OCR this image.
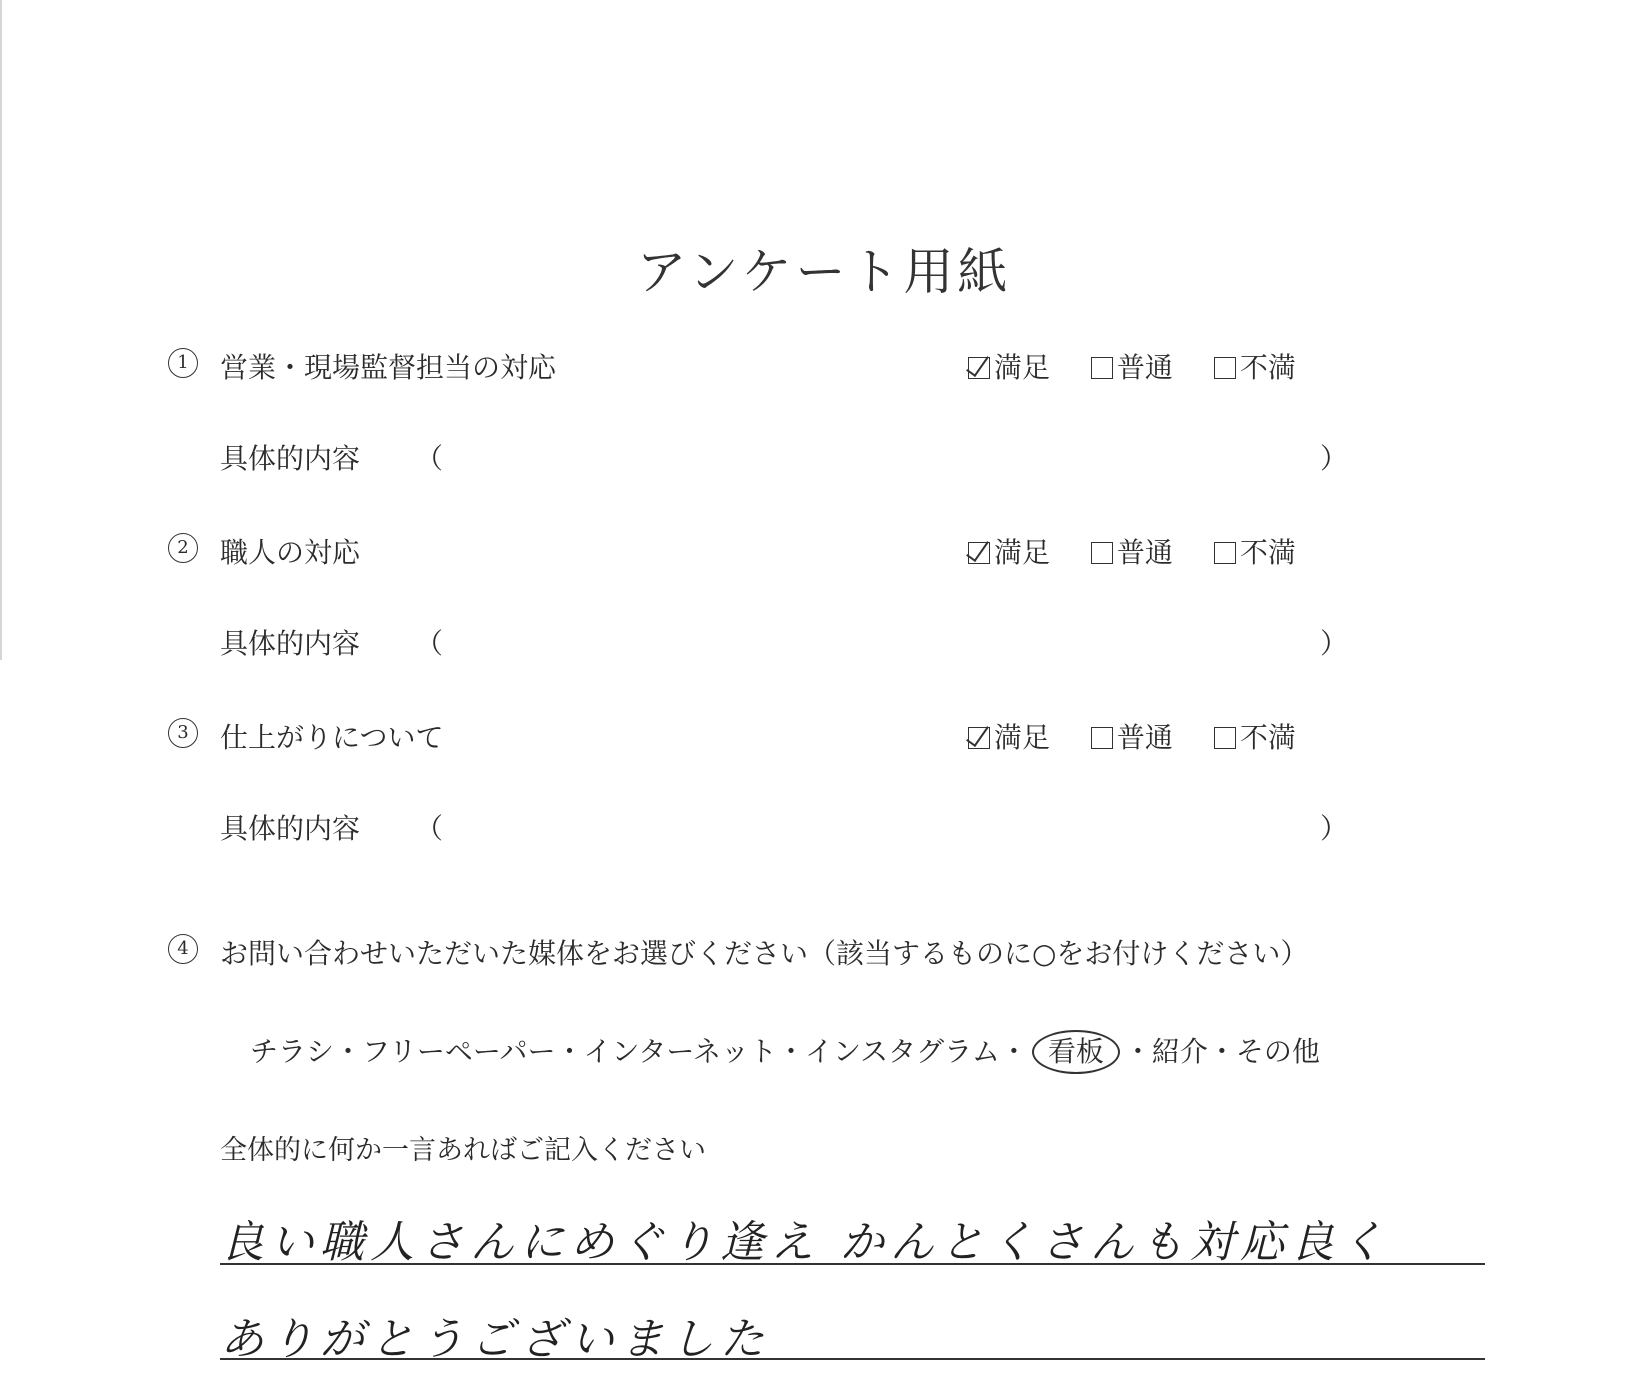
アンケート用紙
1	営業・現場監督担当の対応	満足 普通 不満
具体的内容 （	）
2	職人の対応	満足 普通 不満
具体的内容 （	）
3	仕上がりについて	満足 普通 不満
具体的内容 （	）
4	お問い合わせいただいた媒体をお選びください（該当するものに○をお付けください）
チラシ・フリーペーパー・インターネット・インスタグラム・ 看板 ・紹介・その他
全体的に何か一言あればご記入ください
良い職人さんにめぐり逢え かんとくさんも対応良く
ありがとうございました
